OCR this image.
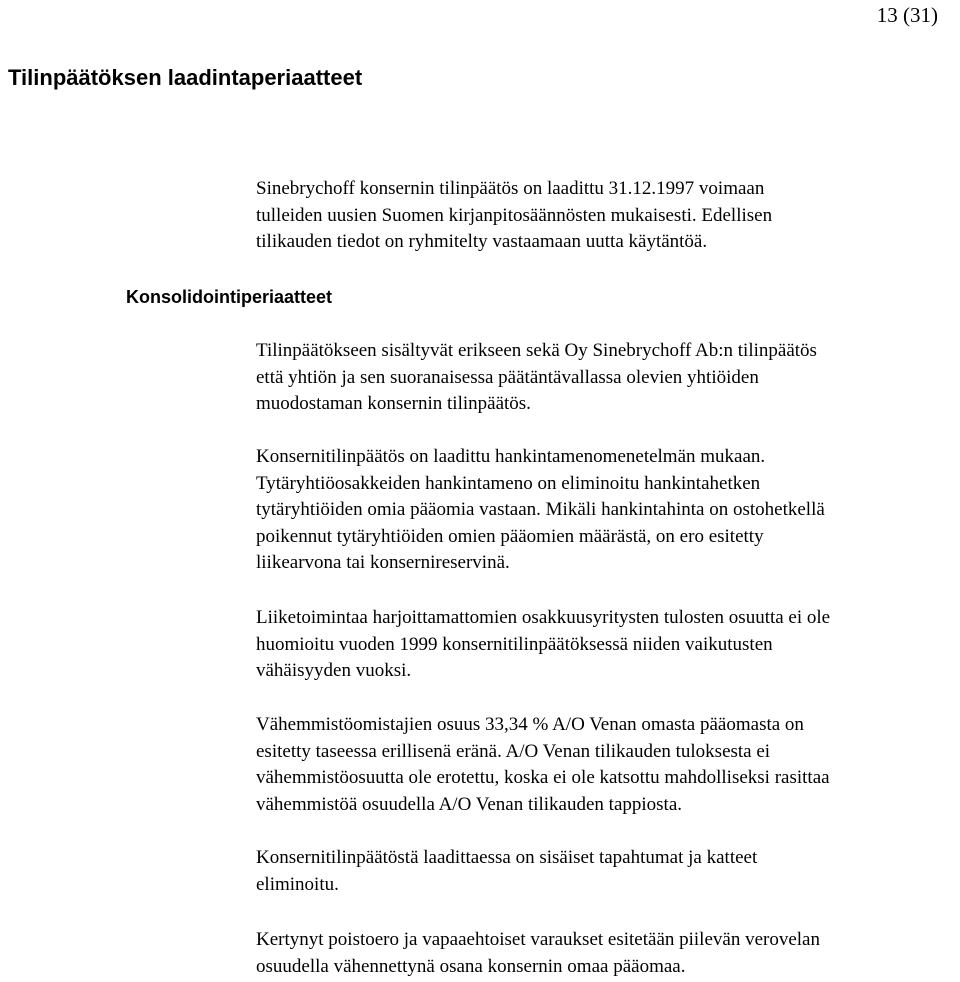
13 (31)
Tilinpäätöksen laadintaperiaatteet

Sinebrychoff konsernin tilinpäätös on laadittu 31.12.1997 voimaan
tulleiden uusien Suomen kirjanpitosäännösten mukaisesti. Edellisen
tilikauden tiedot on ryhmitelty vastaamaan uutta käytäntöä.

Konsolidointiperiaatteet

Tilinpäätökseen sisältyvät erikseen sekä Oy Sinebrychoff Ab:n tilinpäätös
että yhtiön ja sen suoranaisessa päätäntävallassa olevien yhtiöiden
muodostaman konsernin tilinpäätös.

Konsernitilinpäätös on laadittu hankintamenomenetelmän mukaan.
Tytäryhtiöosakkeiden hankintameno on eliminoitu hankintahetken
tytäryhtiöiden omia pääomia vastaan. Mikäli hankintahinta on ostohetkellä
poikennut tytäryhtiöiden omien pääomien määrästä, on ero esitetty
liikearvona tai konsernireservinä.

Liiketoimintaa harjoittamattomien osakkuusyritysten tulosten osuutta ei ole
huomioitu vuoden 1999 konsernitilinpäätöksessä niiden vaikutusten
vähäisyyden vuoksi.

Vähemmistöomistajien osuus 33,34 % A/O Venan omasta pääomasta on
esitetty taseessa erillisenä eränä. A/O Venan tilikauden tuloksesta ei
vähemmistöosuutta ole erotettu, koska ei ole katsottu mahdolliseksi rasittaa
vähemmistöä osuudella A/O Venan tilikauden tappiosta.

Konsernitilinpäätöstä laadittaessa on sisäiset tapahtumat ja katteet
eliminoitu.

Kertynyt poistoero ja vapaaehtoiset varaukset esitetään piilevän verovelan
osuudella vähennettynä osana konsernin omaa pääomaa.
